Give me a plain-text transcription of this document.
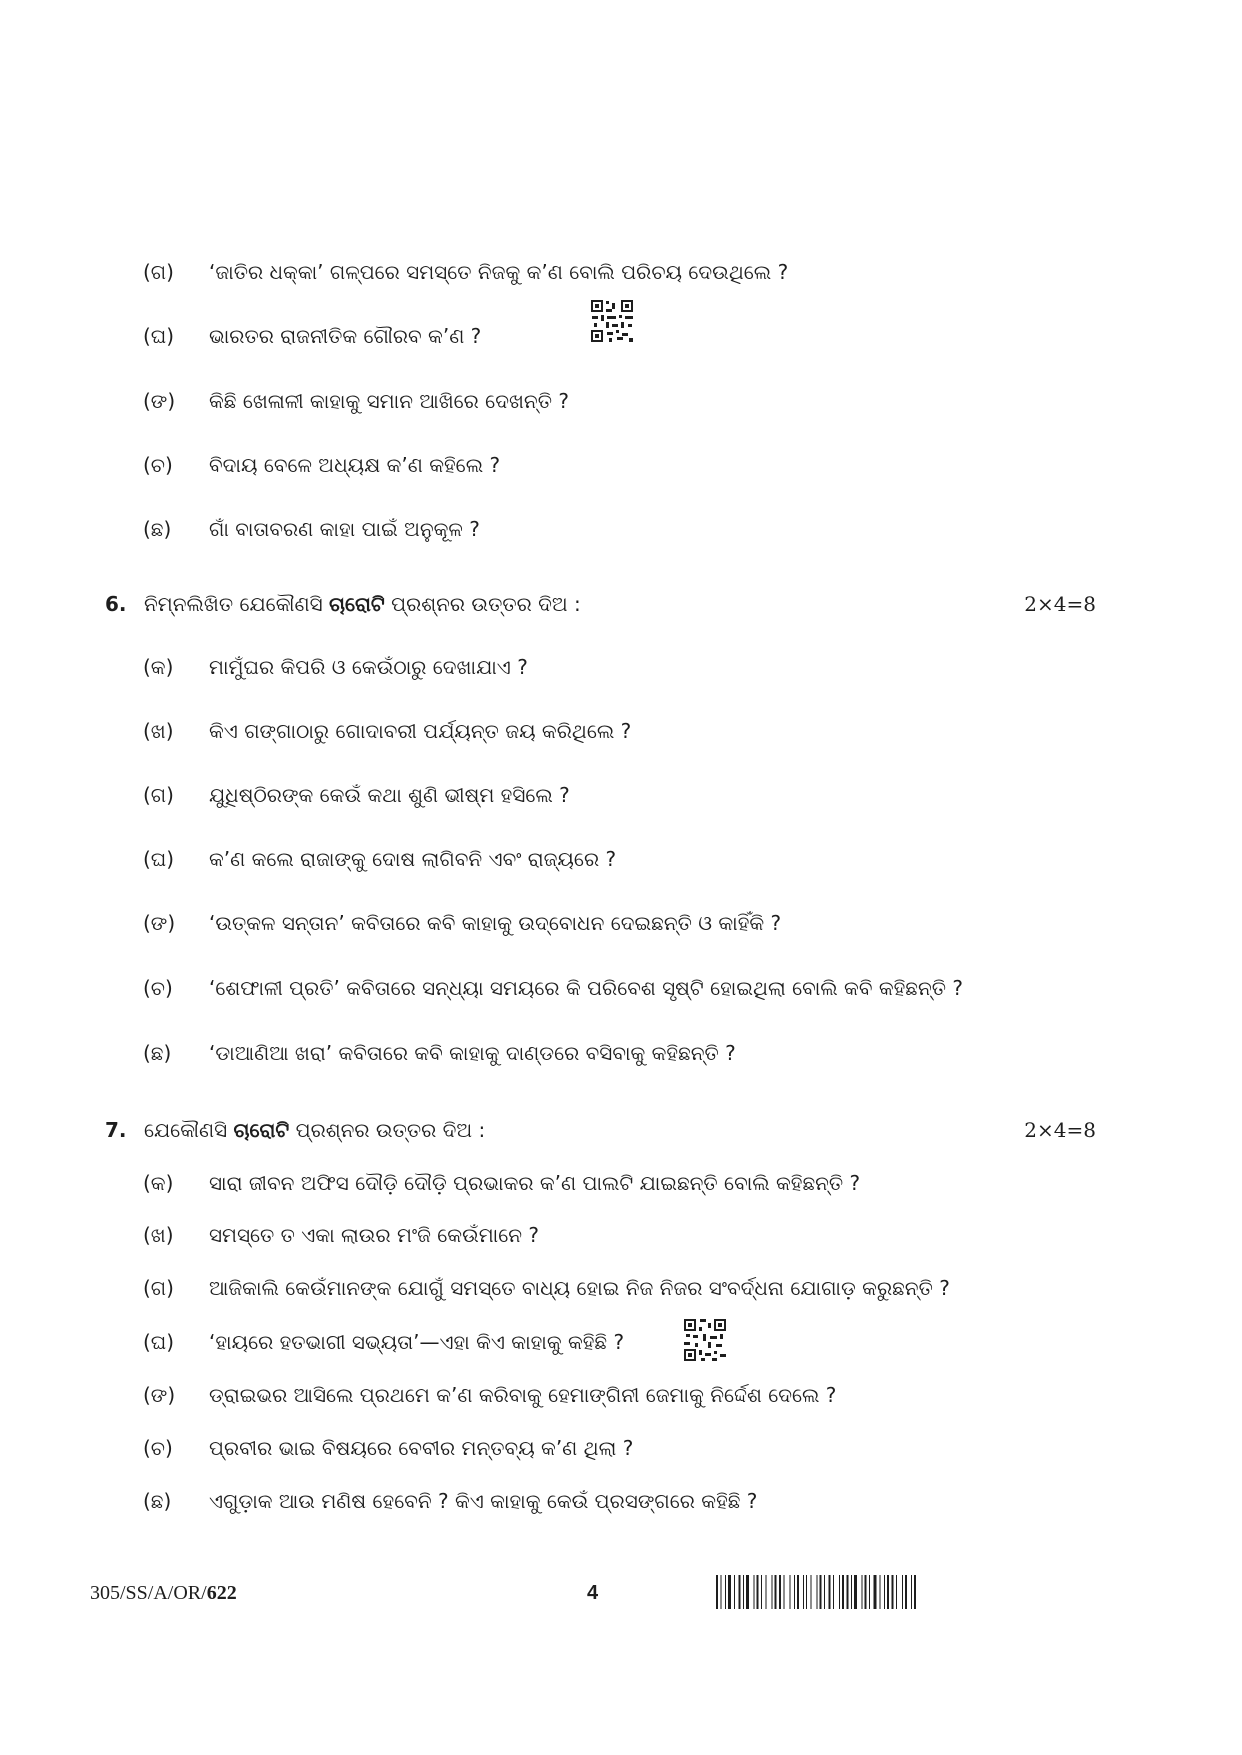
(ଗ) ‘ଜାତିର ଧକ୍‌କା’ ଗଳ୍ପରେ ସମସ୍ତେ ନିଜକୁ କ’ଣ ବୋଲି ପରିଚୟ ଦେଉଥିଲେ ?
(ଘ) ଭାରତର ରାଜନୀତିକ ଗୌରବ କ’ଣ ?
(ଙ) କିଛି ଖେଳାଳୀ କାହାକୁ ସମାନ ଆଖିରେ ଦେଖନ୍ତି ?
(ଚ) ବିଦାୟ ବେଳେ ଅଧ୍ୟକ୍ଷ କ’ଣ କହିଲେ ?
(ଛ) ଗାଁ ବାତାବରଣ କାହା ପାଇଁ ଅନୁକୂଳ ?
6. ନିମ୍ନଲିଖିତ ଯେକୌଣସି ଚାରୋଟି ପ୍ରଶ୍ନର ଉତ୍ତର ଦିଅ :	2×4=8
(କ) ମାମୁଁଘର କିପରି ଓ କେଉଁଠାରୁ ଦେଖାଯାଏ ?
(ଖ) କିଏ ଗଙ୍ଗାଠାରୁ ଗୋଦାବରୀ ପର୍ଯ୍ୟନ୍ତ ଜୟ କରିଥିଲେ ?
(ଗ) ଯୁଧିଷ୍ଠିରଙ୍କ କେଉଁ କଥା ଶୁଣି ଭୀଷ୍ମ ହସିଲେ ?
(ଘ) କ’ଣ କଲେ ରାଜାଙ୍କୁ ଦୋଷ ଲାଗିବନି ଏବଂ ରାଜ୍ୟରେ ?
(ଙ) ‘ଉତ୍କଳ ସନ୍ତାନ’ କବିତାରେ କବି କାହାକୁ ଉଦ୍‌ବୋଧନ ଦେଇଛନ୍ତି ଓ କାହିଁକି ?
(ଚ) ‘ଶେଫାଳୀ ପ୍ରତି’ କବିତାରେ ସନ୍ଧ୍ୟା ସମୟରେ କି ପରିବେଶ ସୃଷ୍ଟି ହୋଇଥିଲା ବୋଲି କବି କହିଛନ୍ତି ?
(ଛ) ‘ଡାଆଣିଆ ଖରା’ କବିତାରେ କବି କାହାକୁ ଦାଣ୍ଡରେ ବସିବାକୁ କହିଛନ୍ତି ?
7. ଯେକୌଣସି ଚାରୋଟି ପ୍ରଶ୍ନର ଉତ୍ତର ଦିଅ :	2×4=8
(କ) ସାରା ଜୀବନ ଅଫିସ ଦୌଡ଼ି ଦୌଡ଼ି ପ୍ରଭାକର କ’ଣ ପାଲଟି ଯାଇଛନ୍ତି ବୋଲି କହିଛନ୍ତି ?
(ଖ) ସମସ୍ତେ ତ ଏକା ଲାଉର ମଂଜି କେଉଁମାନେ ?
(ଗ) ଆଜିକାଲି କେଉଁମାନଙ୍କ ଯୋଗୁଁ ସମସ୍ତେ ବାଧ୍ୟ ହୋଇ ନିଜ ନିଜର ସଂବର୍ଦ୍ଧନା ଯୋଗାଡ଼ କରୁଛନ୍ତି ?
(ଘ) ‘ହାୟରେ ହତଭାଗୀ ସଭ୍ୟତା’—ଏହା କିଏ କାହାକୁ କହିଛି ?
(ଙ) ଡ୍ରାଇଭର ଆସିଲେ ପ୍ରଥମେ କ’ଣ କରିବାକୁ ହେମାଙ୍ଗିନୀ ଜେମାକୁ ନିର୍ଦ୍ଦେଶ ଦେଲେ ?
(ଚ) ପ୍ରବୀର ଭାଇ ବିଷୟରେ ବେବୀର ମନ୍ତବ୍ୟ କ’ଣ ଥିଲା ?
(ଛ) ଏଗୁଡ଼ାକ ଆଉ ମଣିଷ ହେବେନି ? କିଏ କାହାକୁ କେଉଁ ପ୍ରସଙ୍ଗରେ କହିଛି ?
305/SS/A/OR/622	4
